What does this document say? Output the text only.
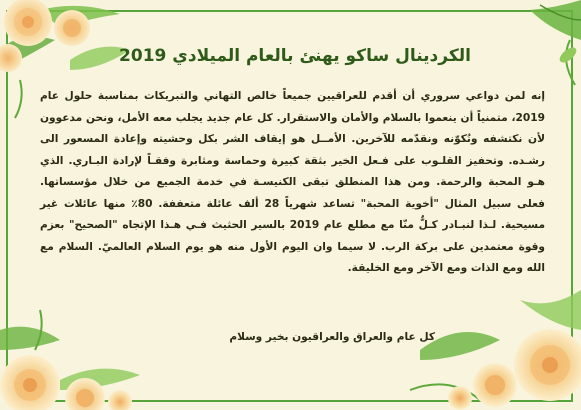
الكردينال ساكو يهنئ بالعام الميلادي 2019

إنه لمن دواعي سروري أن أقدم للعراقيين جميعاً خالص التهاني والتبريكات بمناسبة حلول عام 2019، متمنياً أن ينعموا بالسلام والأمان والاستقرار. كل عام جديد يجلب معه الأمل، ونحن مدعوون لأن نكتشفه ونُكوّنه ونقدّمه للآخرين. الأمــل هو إيقاف الشر بكل وحشيته وإعادة المسعور الى رشـده. وتحفيز القلـوب على فـعل الخير بثقة كبيرة وحماسة ومثابرة وفقـاً لإرادة البـاري. الذي هـو المحبة والرحمة. ومن هذا المنطلق تبقى الكنيسـة في خدمة الجميع من خلال مؤسساتها. فعلى سبيل المثال "أخوية المحبة" تساعد شهرياً 28 ألف عائلة متعففة. 80٪ منها عائلات غير مسيحية. لـذا لنبـادر كـلٌّ منّا مع مطلع عام 2019 بالسير الحثيث فـي هـذا الإتجاه "الصحيح" بعزم وقوة معتمدين على بركة الرب. لا سيما وان اليوم الأول منه هو يوم السلام العالميّ. السلام مع الله ومع الذات ومع الآخر ومع الخليقة.

كل عام والعراق والعراقيون بخير وسلام
